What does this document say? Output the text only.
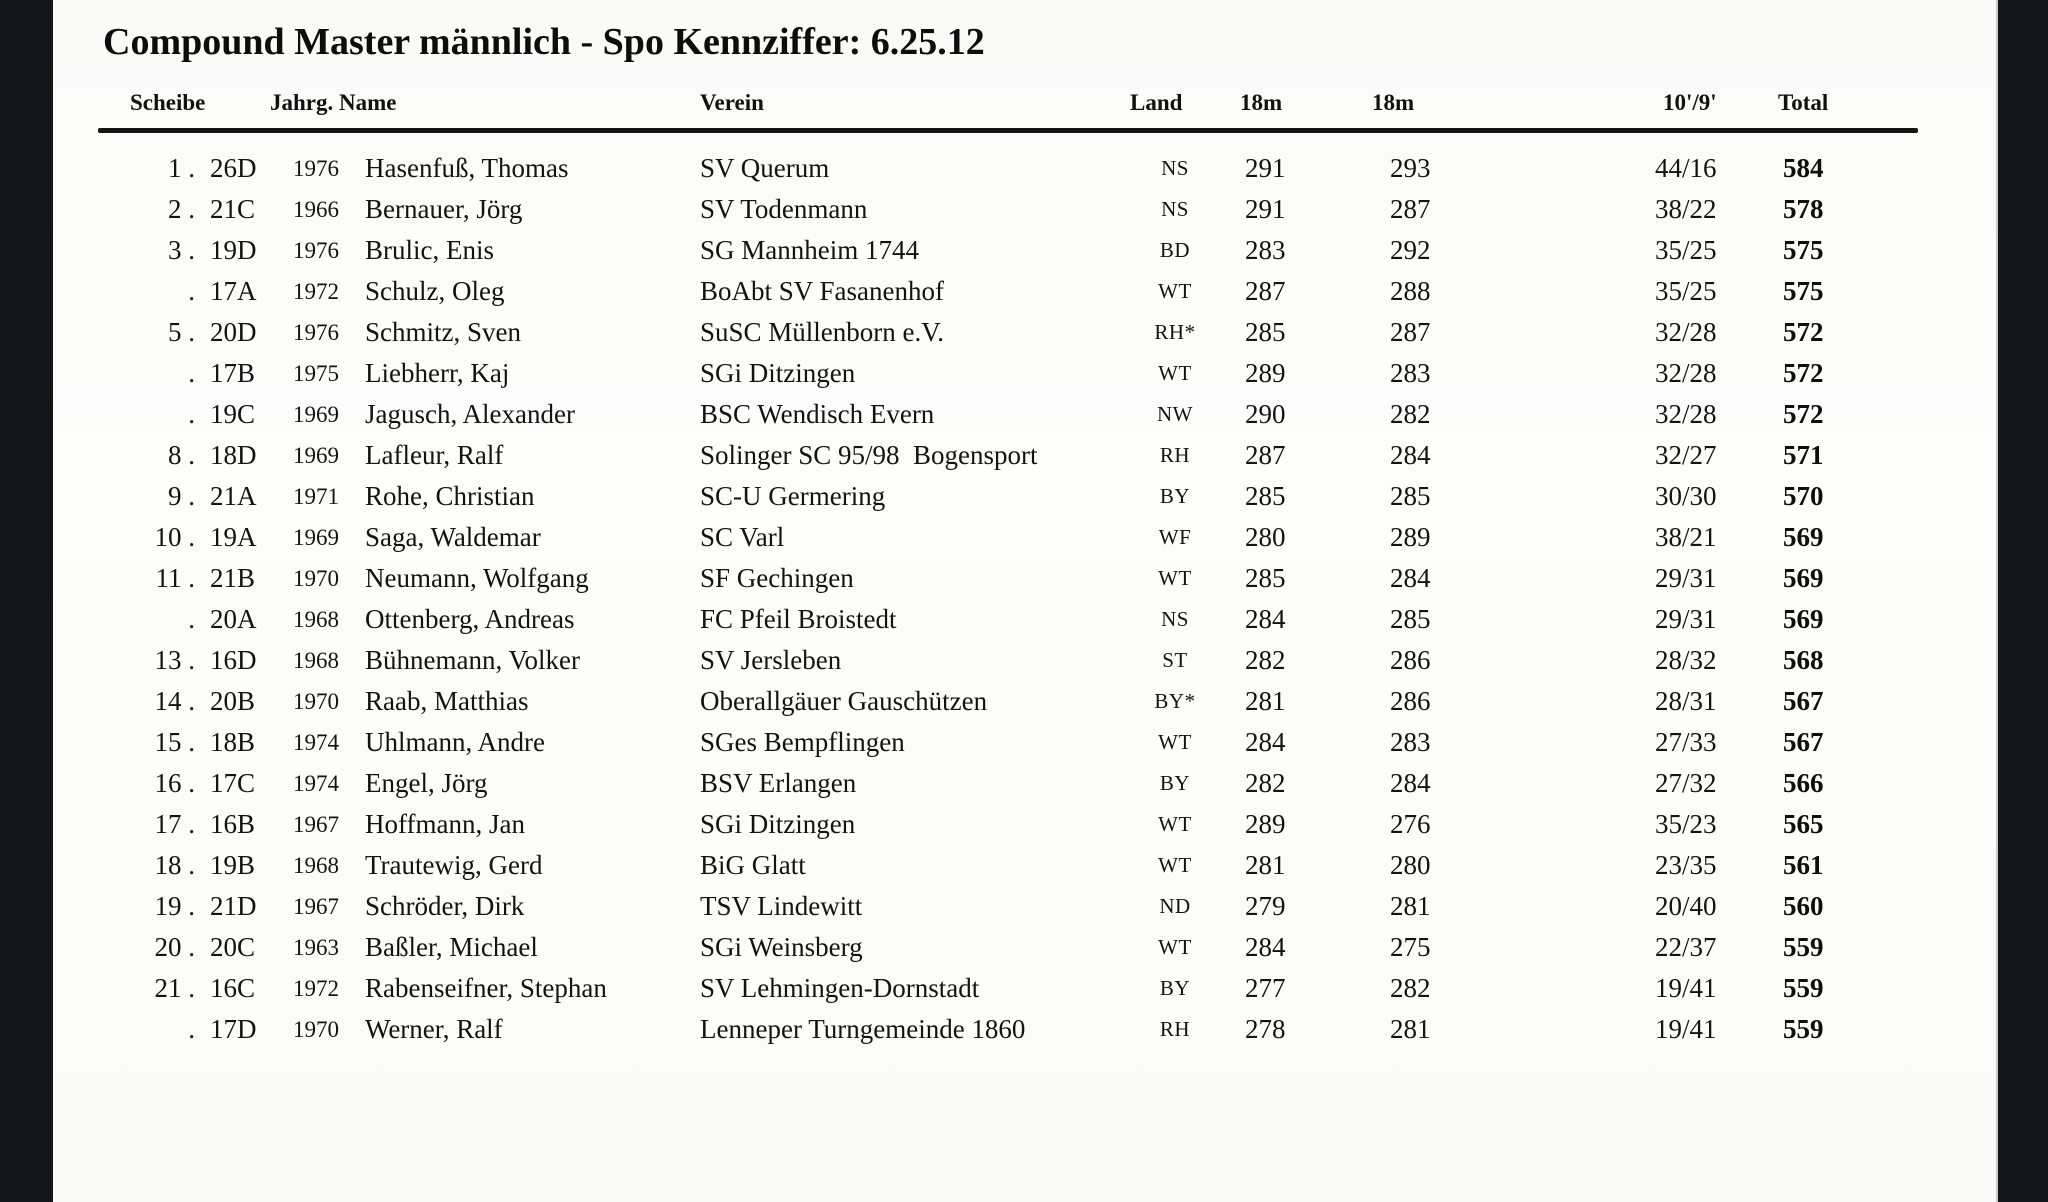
Compound Master männlich - Spo Kennziffer: 6.25.12
Scheibe	Jahrg. Name	Verein	Land	18m	18m	10'/9'	Total
1 . 26D	1976 Hasenfuß, Thomas	SV Querum	NS	291	293	44/16	584
2 . 21C	1966 Bernauer, Jörg	SV Todenmann	NS	291	287	38/22	578
3 . 19D	1976 Brulic, Enis	SG Mannheim 1744	BD	283	292	35/25	575
. 17A	1972 Schulz, Oleg	BoAbt SV Fasanenhof	WT	287	288	35/25	575
5 . 20D	1976 Schmitz, Sven	SuSC Müllenborn e.V.	RH*	285	287	32/28	572
. 17B	1975 Liebherr, Kaj	SGi Ditzingen	WT	289	283	32/28	572
. 19C	1969 Jagusch, Alexander	BSC Wendisch Evern	NW	290	282	32/28	572
8 . 18D	1969 Lafleur, Ralf	Solinger SC 95/98  Bogensport	RH	287	284	32/27	571
9 . 21A	1971 Rohe, Christian	SC-U Germering	BY	285	285	30/30	570
10 . 19A	1969 Saga, Waldemar	SC Varl	WF	280	289	38/21	569
11 . 21B	1970 Neumann, Wolfgang	SF Gechingen	WT	285	284	29/31	569
. 20A	1968 Ottenberg, Andreas	FC Pfeil Broistedt	NS	284	285	29/31	569
13 . 16D	1968 Bühnemann, Volker	SV Jersleben	ST	282	286	28/32	568
14 . 20B	1970 Raab, Matthias	Oberallgäuer Gauschützen	BY*	281	286	28/31	567
15 . 18B	1974 Uhlmann, Andre	SGes Bempflingen	WT	284	283	27/33	567
16 . 17C	1974 Engel, Jörg	BSV Erlangen	BY	282	284	27/32	566
17 . 16B	1967 Hoffmann, Jan	SGi Ditzingen	WT	289	276	35/23	565
18 . 19B	1968 Trautewig, Gerd	BiG Glatt	WT	281	280	23/35	561
19 . 21D	1967 Schröder, Dirk	TSV Lindewitt	ND	279	281	20/40	560
20 . 20C	1963 Baßler, Michael	SGi Weinsberg	WT	284	275	22/37	559
21 . 16C	1972 Rabenseifner, Stephan	SV Lehmingen-Dornstadt	BY	277	282	19/41	559
. 17D	1970 Werner, Ralf	Lenneper Turngemeinde 1860	RH	278	281	19/41	559
